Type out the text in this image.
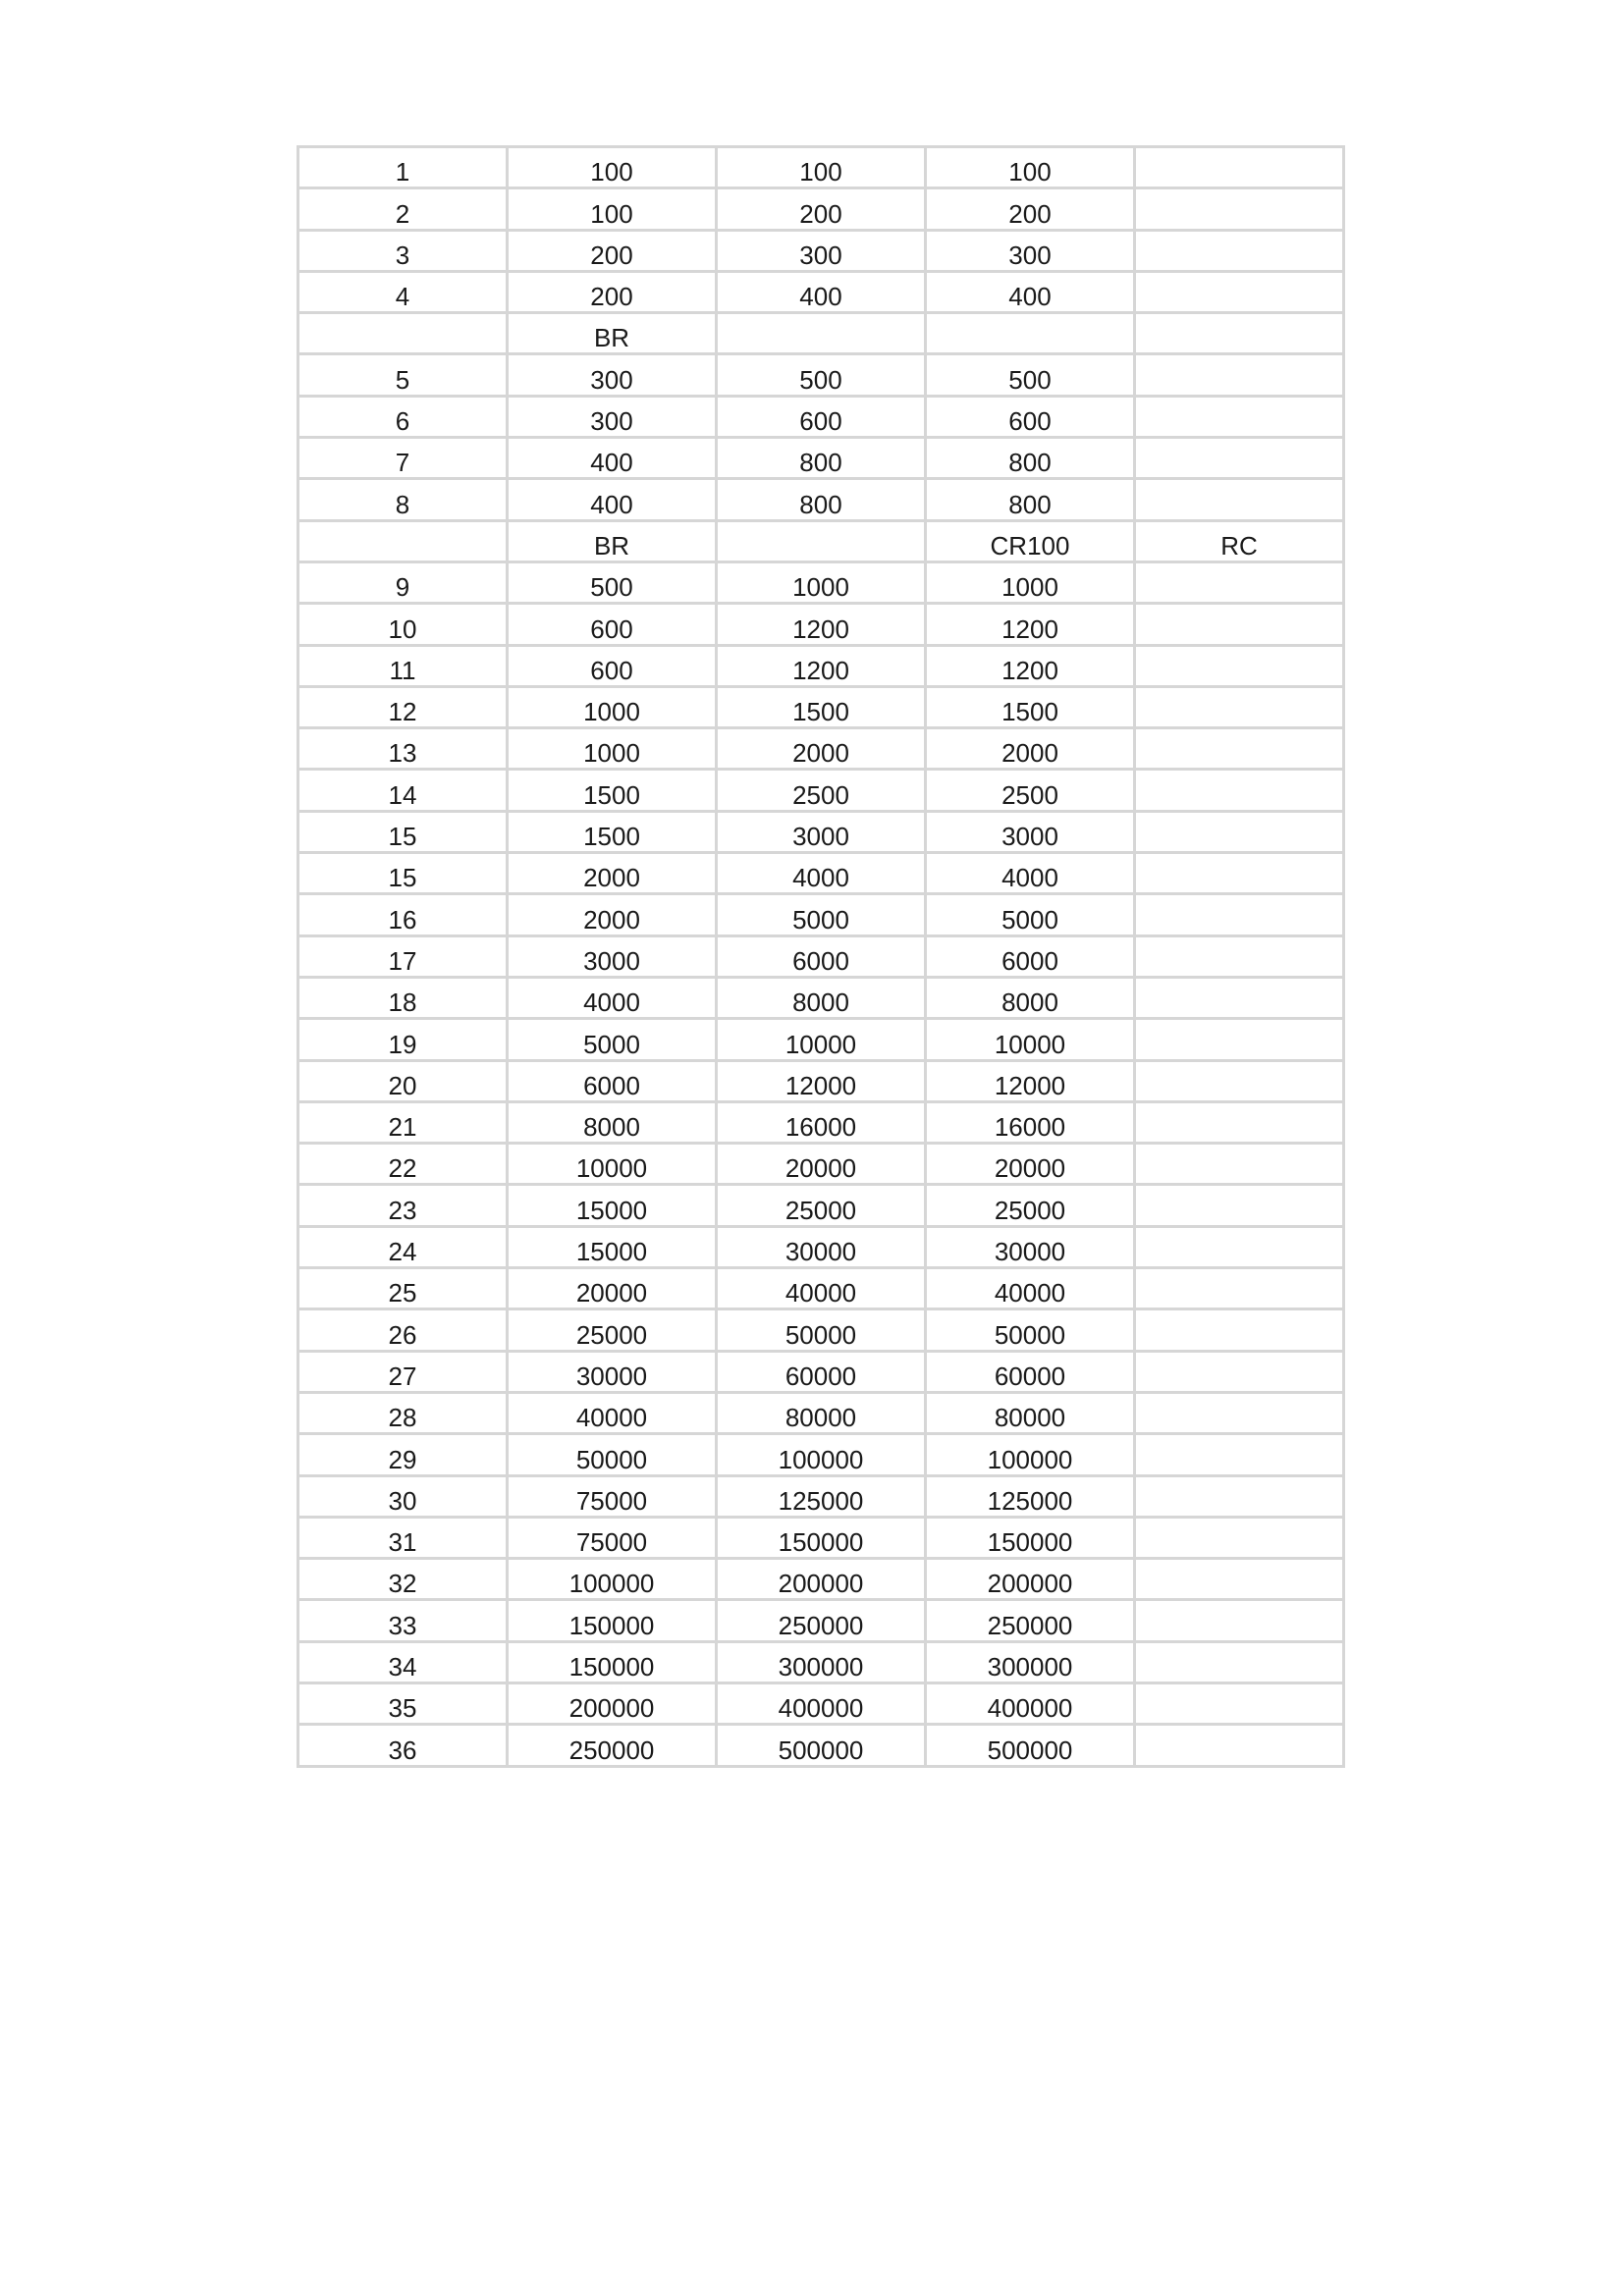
1	100	100	100	
2	100	200	200	
3	200	300	300	
4	200	400	400	
	BR			
5	300	500	500	
6	300	600	600	
7	400	800	800	
8	400	800	800	
	BR		CR100	RC
9	500	1000	1000	
10	600	1200	1200	
11	600	1200	1200	
12	1000	1500	1500	
13	1000	2000	2000	
14	1500	2500	2500	
15	1500	3000	3000	
15	2000	4000	4000	
16	2000	5000	5000	
17	3000	6000	6000	
18	4000	8000	8000	
19	5000	10000	10000	
20	6000	12000	12000	
21	8000	16000	16000	
22	10000	20000	20000	
23	15000	25000	25000	
24	15000	30000	30000	
25	20000	40000	40000	
26	25000	50000	50000	
27	30000	60000	60000	
28	40000	80000	80000	
29	50000	100000	100000	
30	75000	125000	125000	
31	75000	150000	150000	
32	100000	200000	200000	
33	150000	250000	250000	
34	150000	300000	300000	
35	200000	400000	400000	
36	250000	500000	500000	
